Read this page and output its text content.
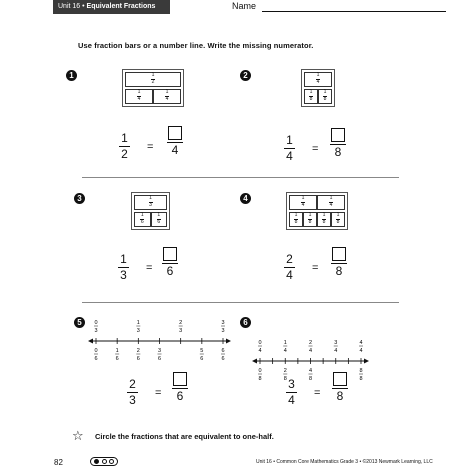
Unit 16 • Equivalent Fractions	Name
Use fraction bars or a number line. Write the missing numerator.
1	1
2
1
4
1
4
1
2 = 4
2	1
4
1
8
1
8
1
4 = 8
3	1
3
1
6
1
6
1
3 = 6
4	1
4
1
4
1
8
1
8
1
8
1
8
2
4 = 8
5	0
3
1
3
2
3
3
3
0
6
1
6
2
6
3
6
5
6
6
6
2
3 = 6
6
0
4
1
4
2
4
3
4
4
4
0
8
2
8
4
8
8
8
3
4 = 8
☆ Circle the fractions that are equivalent to one-half.
82	Unit 16 • Common Core Mathematics Grade 3 • ©2013 Newmark Learning, LLC
